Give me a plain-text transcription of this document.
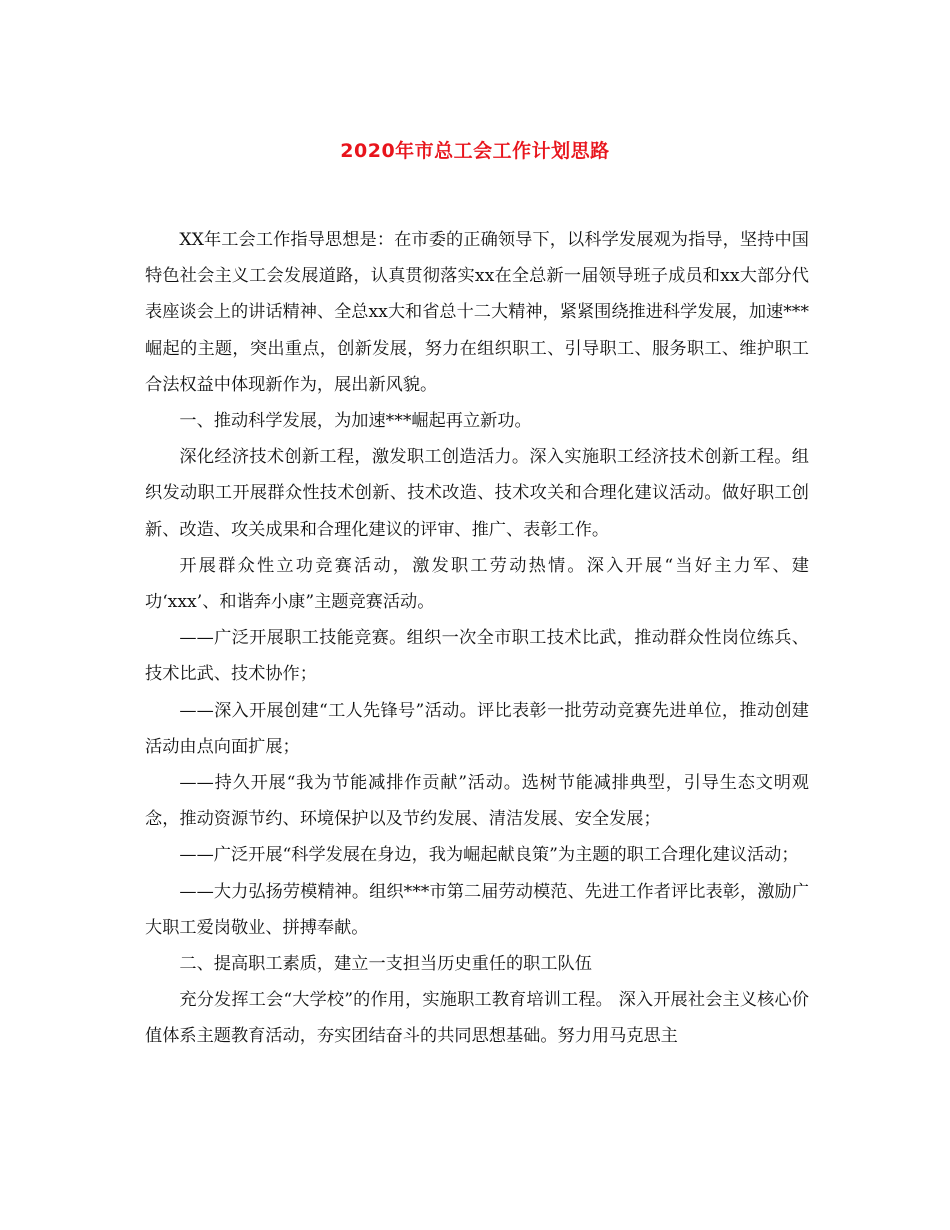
2020年市总工会工作计划思路

XX年工会工作指导思想是：在市委的正确领导下，以科学发展观为指导，坚持中国特色社会主义工会发展道路，认真贯彻落实xx在全总新一届领导班子成员和xx大部分代表座谈会上的讲话精神、全总xx大和省总十二大精神，紧紧围绕推进科学发展，加速***崛起的主题，突出重点，创新发展，努力在组织职工、引导职工、服务职工、维护职工合法权益中体现新作为，展出新风貌。

一、推动科学发展，为加速***崛起再立新功。

深化经济技术创新工程，激发职工创造活力。深入实施职工经济技术创新工程。组织发动职工开展群众性技术创新、技术改造、技术攻关和合理化建议活动。做好职工创新、改造、攻关成果和合理化建议的评审、推广、表彰工作。

开展群众性立功竞赛活动，激发职工劳动热情。深入开展“当好主力军、建功‘xxx’、和谐奔小康”主题竞赛活动。

——广泛开展职工技能竞赛。组织一次全市职工技术比武，推动群众性岗位练兵、技术比武、技术协作；

——深入开展创建“工人先锋号”活动。评比表彰一批劳动竞赛先进单位，推动创建活动由点向面扩展；

——持久开展“我为节能减排作贡献”活动。选树节能减排典型，引导生态文明观念，推动资源节约、环境保护以及节约发展、清洁发展、安全发展；

——广泛开展“科学发展在身边，我为崛起献良策”为主题的职工合理化建议活动；

——大力弘扬劳模精神。组织***市第二届劳动模范、先进工作者评比表彰，激励广大职工爱岗敬业、拼搏奉献。

二、提高职工素质，建立一支担当历史重任的职工队伍

充分发挥工会“大学校”的作用，实施职工教育培训工程。 深入开展社会主义核心价值体系主题教育活动，夯实团结奋斗的共同思想基础。努力用马克思主
